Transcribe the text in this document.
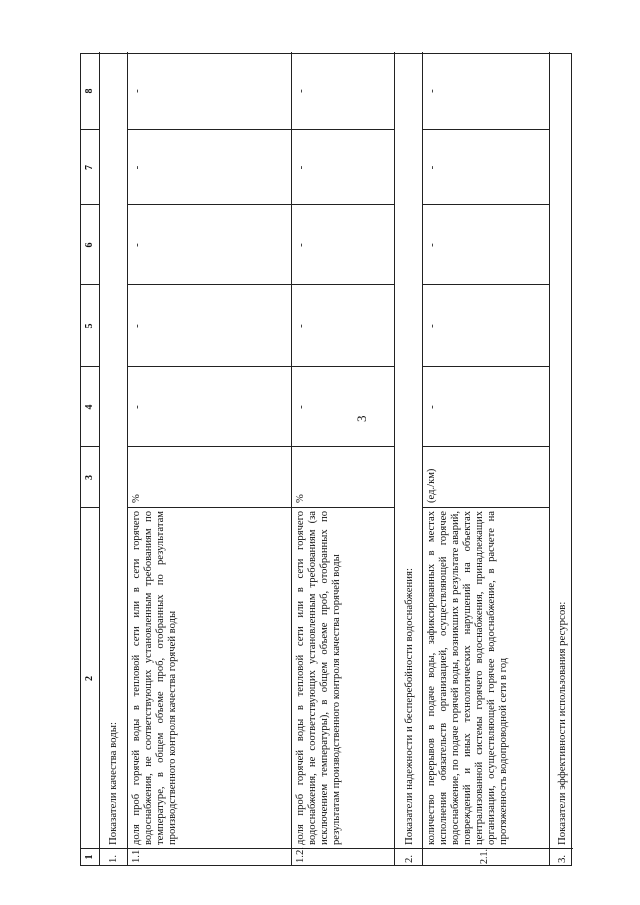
3
1
2
3
4
5
6
7
8
1.
Показатели качества воды:
1.1
доля проб горячей воды в тепловой сети или в сети горячего водоснабжения, не соответствующих установленным требованиям по температуре, в общем объеме проб, отобранных по результатам производственного контроля качества горячей воды
%
-
-
-
-
-
1.2.
доля проб горячей воды в тепловой сети или в сети горячего водоснабжения, не соответствующих установленным требованиям (за исключением температуры), в общем объеме проб, отобранных по результатам производственного контроля качества горячей воды
%
-
-
-
-
-
2.
Показатели надежности и бесперебойности водоснабжения:
2.1.
количество перерывов в подаче воды, зафиксированных в местах исполнения обязательств организацией, осуществляющей горячее водоснабжение, по подаче горячей воды, возникших в результате аварий, повреждений и иных технологических нарушений на объектах централизованной системы горячего водоснабжения, принадлежащих организации, осуществляющей горячее водоснабжение, в расчете на протяженность водопроводной сети в год
(ед./км)
-
-
-
-
-
3.
Показатели эффективности использования ресурсов:
